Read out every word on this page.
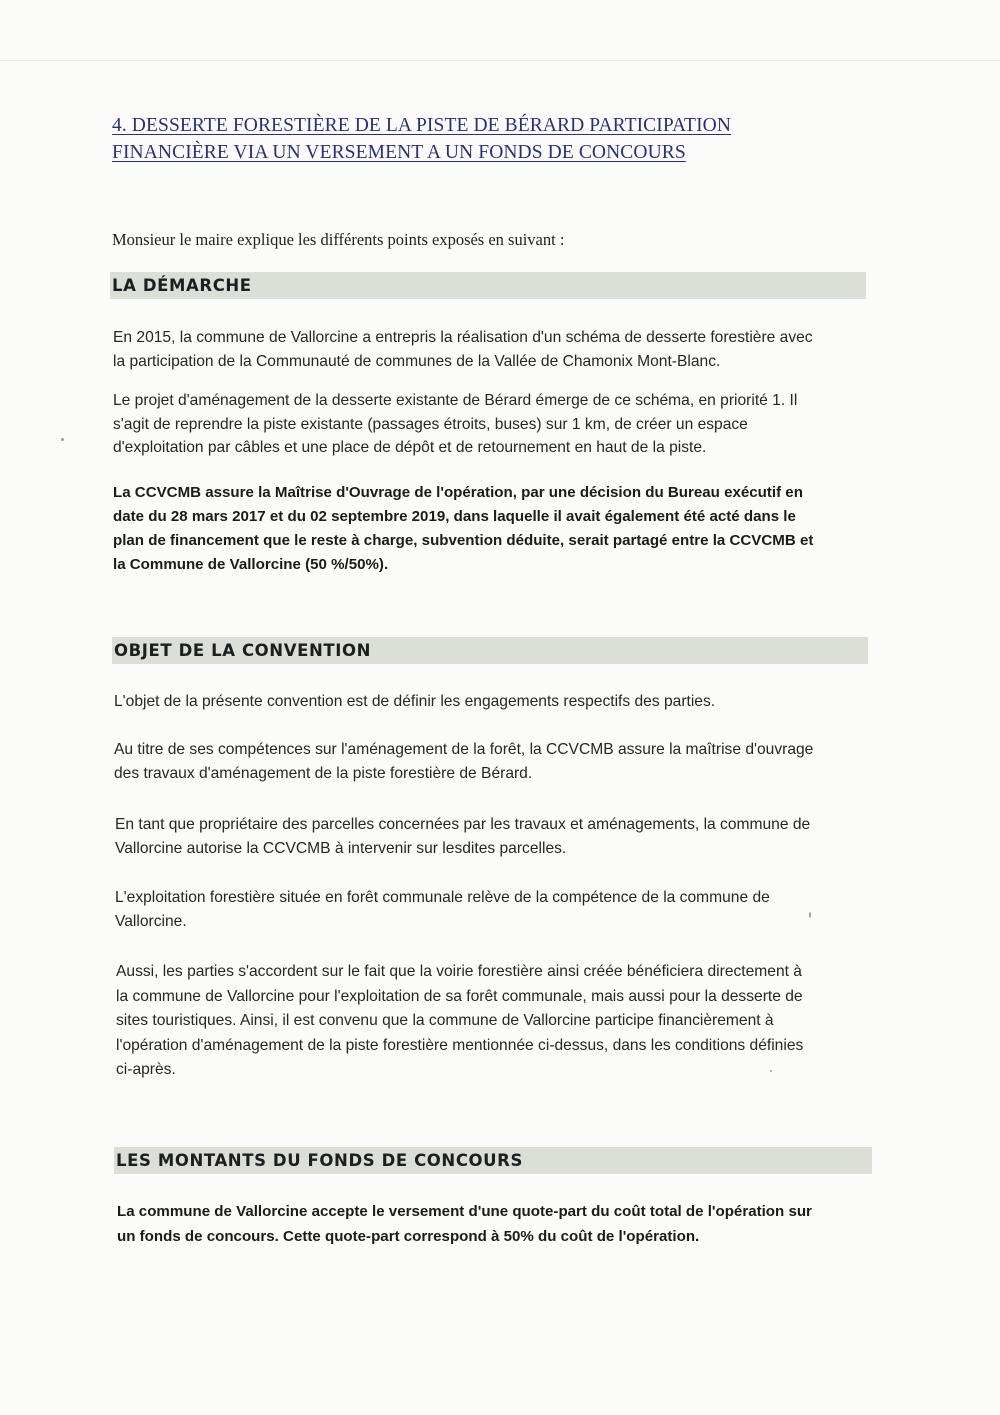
4. DESSERTE FORESTIÈRE DE LA PISTE DE BÉRARD PARTICIPATION
FINANCIÈRE VIA UN VERSEMENT A UN FONDS DE CONCOURS
Monsieur le maire explique les différents points exposés en suivant :
LA DÉMARCHE
En 2015, la commune de Vallorcine a entrepris la réalisation d'un schéma de desserte forestière avec
la participation de la Communauté de communes de la Vallée de Chamonix Mont-Blanc.
Le projet d'aménagement de la desserte existante de Bérard émerge de ce schéma, en priorité 1. Il
s'agit de reprendre la piste existante (passages étroits, buses) sur 1 km, de créer un espace
d'exploitation par câbles et une place de dépôt et de retournement en haut de la piste.
La CCVCMB assure la Maîtrise d'Ouvrage de l'opération, par une décision du Bureau exécutif en
date du 28 mars 2017 et du 02 septembre 2019, dans laquelle il avait également été acté dans le
plan de financement que le reste à charge, subvention déduite, serait partagé entre la CCVCMB et
la Commune de Vallorcine (50 %/50%).
OBJET DE LA CONVENTION
L'objet de la présente convention est de définir les engagements respectifs des parties.
Au titre de ses compétences sur l'aménagement de la forêt, la CCVCMB assure la maîtrise d'ouvrage
des travaux d'aménagement de la piste forestière de Bérard.
En tant que propriétaire des parcelles concernées par les travaux et aménagements, la commune de
Vallorcine autorise la CCVCMB à intervenir sur lesdites parcelles.
L'exploitation forestière située en forêt communale relève de la compétence de la commune de
Vallorcine.
Aussi, les parties s'accordent sur le fait que la voirie forestière ainsi créée bénéficiera directement à
la commune de Vallorcine pour l'exploitation de sa forêt communale, mais aussi pour la desserte de
sites touristiques. Ainsi, il est convenu que la commune de Vallorcine participe financièrement à
l'opération d'aménagement de la piste forestière mentionnée ci-dessus, dans les conditions définies
ci-après.
LES MONTANTS DU FONDS DE CONCOURS
La commune de Vallorcine accepte le versement d'une quote-part du coût total de l'opération sur
un fonds de concours. Cette quote-part correspond à 50% du coût de l'opération.
